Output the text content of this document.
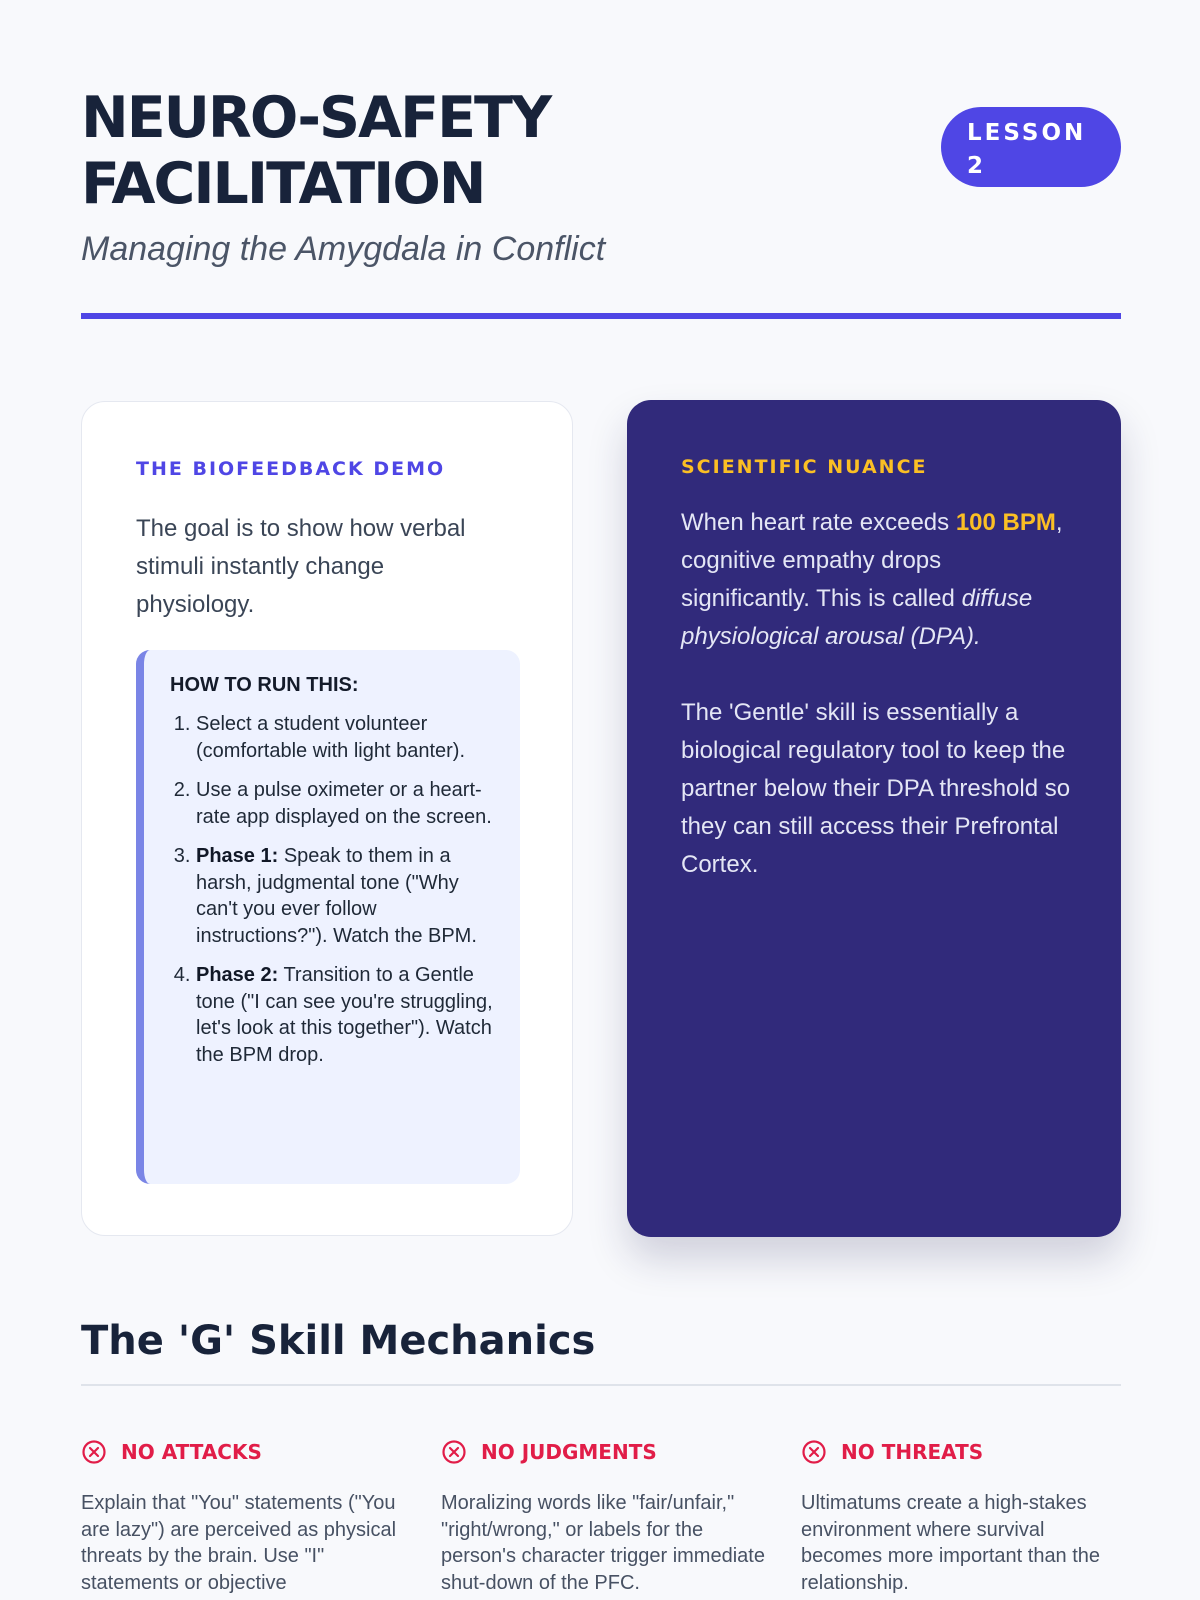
NEURO-SAFETY
FACILITATION
Managing the Amygdala in Conflict
LESSON
2
THE BIOFEEDBACK DEMO
The goal is to show how verbal stimuli instantly change physiology.
HOW TO RUN THIS:
1. Select a student volunteer (comfortable with light banter).
2. Use a pulse oximeter or a heart-rate app displayed on the screen.
3. Phase 1: Speak to them in a harsh, judgmental tone ("Why can't you ever follow instructions?"). Watch the BPM.
4. Phase 2: Transition to a Gentle tone ("I can see you're struggling, let's look at this together"). Watch the BPM drop.
SCIENTIFIC NUANCE

When heart rate exceeds 100 BPM, cognitive empathy drops significantly. This is called diffuse physiological arousal (DPA).

The 'Gentle' skill is essentially a biological regulatory tool to keep the partner below their DPA threshold so they can still access their Prefrontal Cortex.

The 'G' Skill Mechanics
NO ATTACKS
Explain that "You" statements ("You are lazy") are perceived as physical threats by the brain. Use "I" statements or objective
NO JUDGMENTS
Moralizing words like "fair/unfair," "right/wrong," or labels for the person's character trigger immediate shut-down of the PFC.
NO THREATS
Ultimatums create a high-stakes environment where survival becomes more important than the relationship.
